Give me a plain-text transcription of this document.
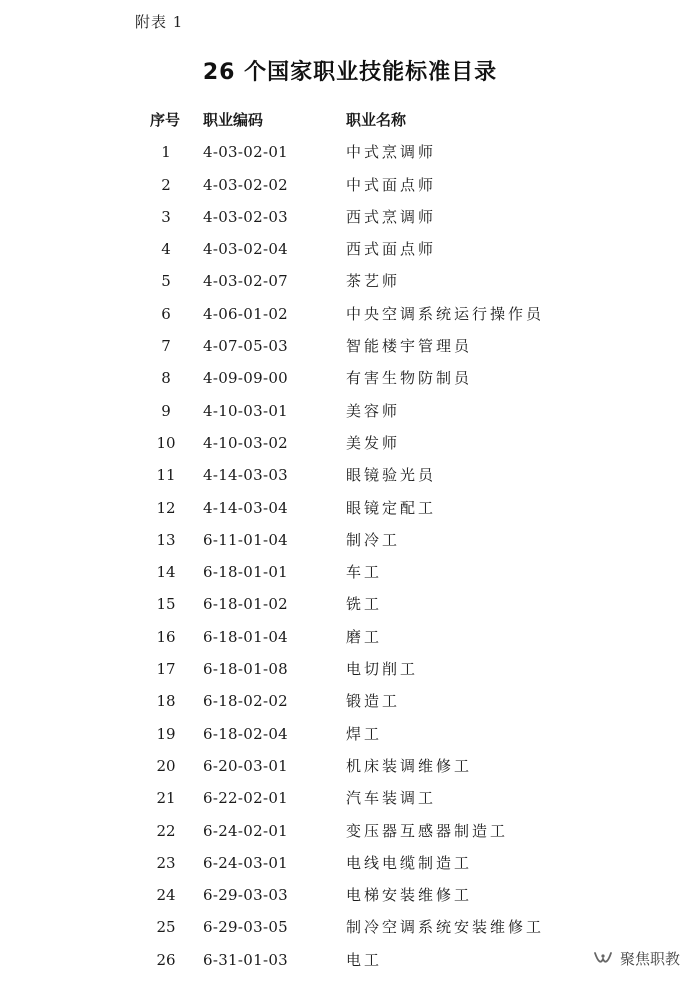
附表 1
26 个国家职业技能标准目录
序号	职业编码	职业名称
1	4-03-02-01	中式烹调师
2	4-03-02-02	中式面点师
3	4-03-02-03	西式烹调师
4	4-03-02-04	西式面点师
5	4-03-02-07	茶艺师
6	4-06-01-02	中央空调系统运行操作员
7	4-07-05-03	智能楼宇管理员
8	4-09-09-00	有害生物防制员
9	4-10-03-01	美容师
10	4-10-03-02	美发师
11	4-14-03-03	眼镜验光员
12	4-14-03-04	眼镜定配工
13	6-11-01-04	制冷工
14	6-18-01-01	车工
15	6-18-01-02	铣工
16	6-18-01-04	磨工
17	6-18-01-08	电切削工
18	6-18-02-02	锻造工
19	6-18-02-04	焊工
20	6-20-03-01	机床装调维修工
21	6-22-02-01	汽车装调工
22	6-24-02-01	变压器互感器制造工
23	6-24-03-01	电线电缆制造工
24	6-29-03-03	电梯安装维修工
25	6-29-03-05	制冷空调系统安装维修工
26	6-31-01-03	电工	聚焦职教
